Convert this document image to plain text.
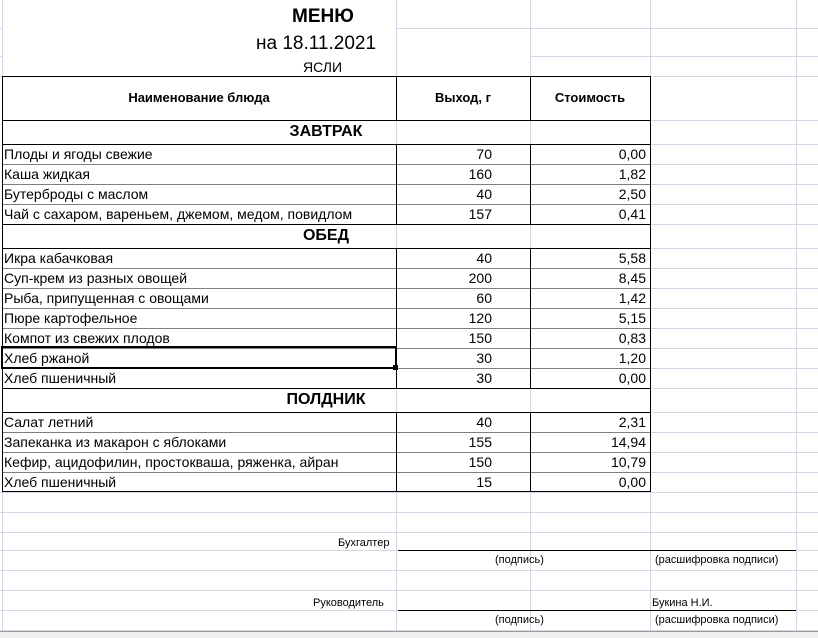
МЕНЮ
на 18.11.2021
ЯСЛИ
Наименование блюда	Выход, г	Стоимость
ЗАВТРАК
Плоды и ягоды свежие	70	0,00
Каша жидкая	160	1,82
Бутерброды с маслом	40	2,50
Чай с сахаром, вареньем, джемом, медом, повидлом	157	0,41
ОБЕД
Икра кабачковая	40	5,58
Суп-крем из разных овощей	200	8,45
Рыба, припущенная с овощами	60	1,42
Пюре картофельное	120	5,15
Компот из свежих плодов	150	0,83
Хлеб ржаной	30	1,20
Хлеб пшеничный	30	0,00
ПОЛДНИК
Салат летний	40	2,31
Запеканка из макарон с яблоками	155	14,94
Кефир, ацидофилин, простокваша, ряженка, айран	150	10,79
Хлеб пшеничный	15	0,00
Бухгалтер
(подпись)	(расшифровка подписи)
Руководитель	Букина Н.И.
(подпись)	(расшифровка подписи)
